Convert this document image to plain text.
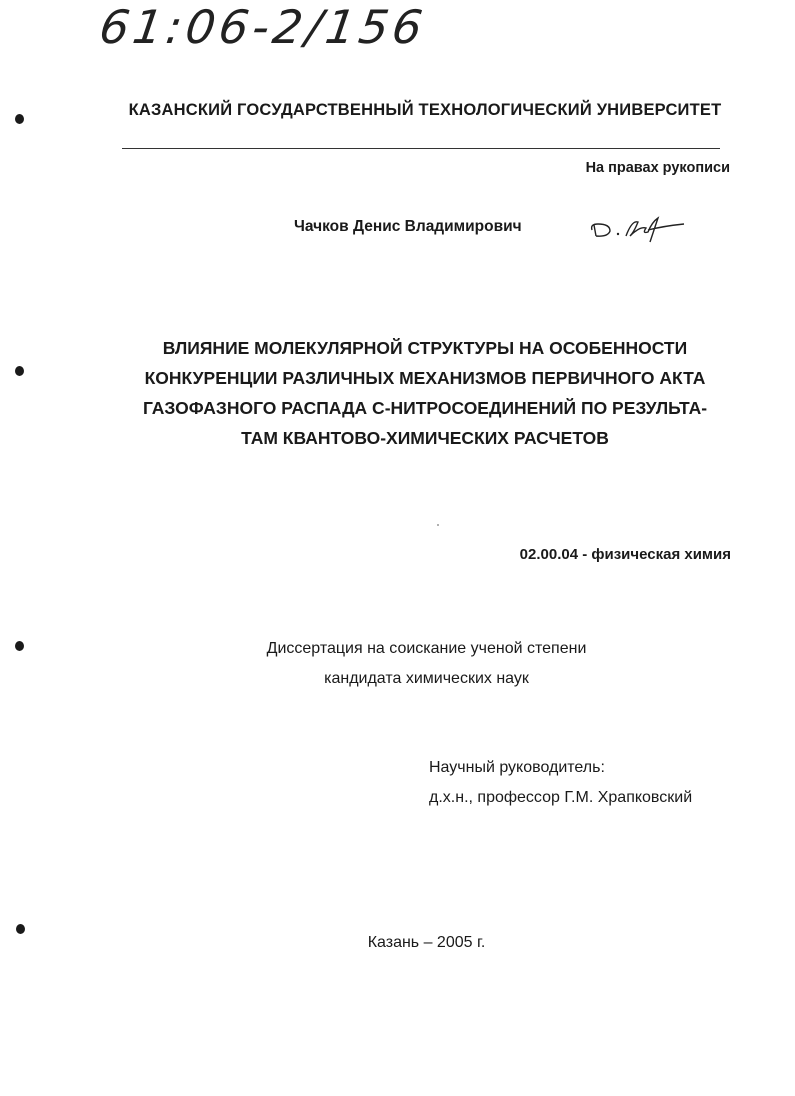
61:06-2/156
КАЗАНСКИЙ ГОСУДАРСТВЕННЫЙ ТЕХНОЛОГИЧЕСКИЙ УНИВЕРСИТЕТ
На правах рукописи
Чачков Денис Владимирович
ВЛИЯНИЕ МОЛЕКУЛЯРНОЙ СТРУКТУРЫ НА ОСОБЕННОСТИ
КОНКУРЕНЦИИ РАЗЛИЧНЫХ МЕХАНИЗМОВ ПЕРВИЧНОГО АКТА
ГАЗОФАЗНОГО РАСПАДА С-НИТРОСОЕДИНЕНИЙ ПО РЕЗУЛЬТА-
ТАМ КВАНТОВО-ХИМИЧЕСКИХ РАСЧЕТОВ
02.00.04 - физическая химия
Диссертация на соискание ученой степени
кандидата химических наук
Научный руководитель:
д.х.н., профессор Г.М. Храпковский
Казань – 2005 г.
